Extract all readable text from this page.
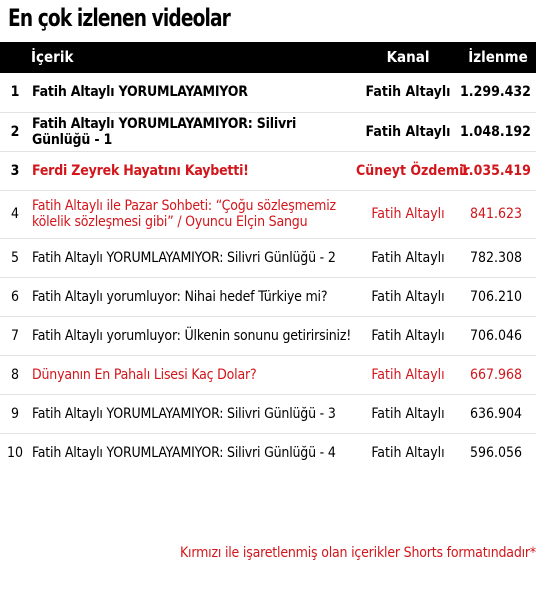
En çok izlenen videolar
İçerik		Kanal	İzlenme
1	Fatih Altaylı YORUMLAYAMIYOR	Fatih Altaylı	1.299.432
2	Fatih Altaylı YORUMLAYAMIYOR: Silivri Günlüğü - 1	Fatih Altaylı	1.048.192
3	Ferdi Zeyrek Hayatını Kaybetti!	Cüneyt Özdemir	1.035.419
4	Fatih Altaylı ile Pazar Sohbeti: “Çoğu sözleşmemiz kölelik sözleşmesi gibi” / Oyuncu Elçin Sangu	Fatih Altaylı	841.623
5	Fatih Altaylı YORUMLAYAMIYOR: Silivri Günlüğü - 2	Fatih Altaylı	782.308
6	Fatih Altaylı yorumluyor: Nihai hedef Türkiye mi?	Fatih Altaylı	706.210
7	Fatih Altaylı yorumluyor: Ülkenin sonunu getirirsiniz!	Fatih Altaylı	706.046
8	Dünyanın En Pahalı Lisesi Kaç Dolar?	Fatih Altaylı	667.968
9	Fatih Altaylı YORUMLAYAMIYOR: Silivri Günlüğü - 3	Fatih Altaylı	636.904
10	Fatih Altaylı YORUMLAYAMIYOR: Silivri Günlüğü - 4	Fatih Altaylı	596.056
Kırmızı ile işaretlenmiş olan içerikler Shorts formatındadır*
